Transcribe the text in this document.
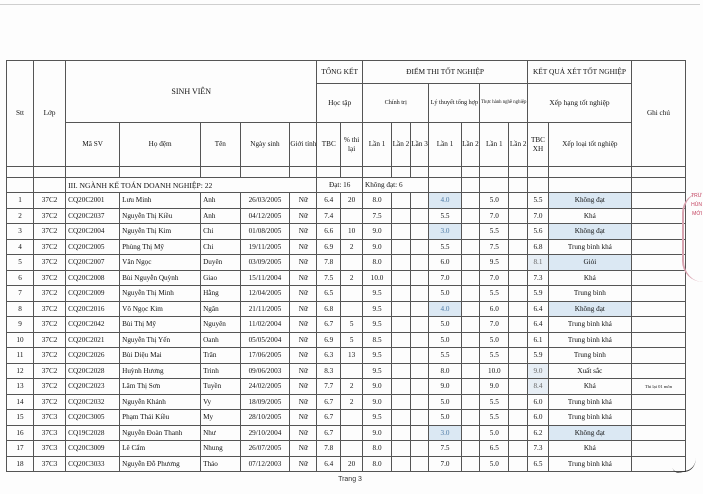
Stt	Lớp	SINH VIÊN					TỔNG KẾT		ĐIỂM THI TỐT NGHIỆP							KẾT QUẢ XÉT TỐT NGHIỆP		Ghi chú
							Học tập		Chính trị			Lý thuyết tổng hợp		Thực hành nghề nghiệp		Xếp hạng tốt nghiệp		
		Mã SV	Họ đệm	Tên	Ngày sinh	Giới tính	TBC	% thi lại	Lần 1	Lần 2	Lần 3	Lần 1	Lần 2	Lần 1	Lần 2	TBC XH	Xếp loại tốt nghiệp	

		III. NGÀNH KẾ TOÁN DOANH NGHIỆP: 22					Đạt: 16		Không đạt: 6									
1	37C2	CQ20C2001	Lưu Minh	Anh	26/03/2005	Nữ	6.4	20	8.0			4.0		5.0		5.5	Không đạt	
2	37C2	CQ20C2037	Nguyễn Thị Kiều	Anh	04/12/2005	Nữ	7.4		7.5			5.5		7.0		7.0	Khá	
3	37C2	CQ20C2004	Nguyễn Thị Kim	Chi	01/08/2005	Nữ	6.6	10	9.0			3.0		5.5		5.6	Không đạt	
4	37C2	CQ20C2005	Phùng Thị Mỹ	Chi	19/11/2005	Nữ	6.9	2	9.0			5.5		7.5		6.8	Trung bình khá	
5	37C2	CQ20C2007	Văn Ngọc	Duyên	03/09/2005	Nữ	7.8		8.0			6.0		9.5		8.1	Giỏi	
6	37C2	CQ20C2008	Bùi Nguyễn Quỳnh	Giao	15/11/2004	Nữ	7.5	2	10.0			7.0		7.0		7.3	Khá	
7	37C2	CQ20C2009	Nguyễn Thị Minh	Hằng	12/04/2005	Nữ	6.5		9.5			5.0		5.5		5.9	Trung bình	
8	37C2	CQ20C2016	Võ Ngọc Kim	Ngân	21/11/2005	Nữ	6.8		9.5			4.0		6.0		6.4	Không đạt	
9	37C2	CQ20C2042	Bùi Thị Mỹ	Nguyên	11/02/2004	Nữ	6.7	5	9.5			5.0		7.0		6.4	Trung bình khá	
10	37C2	CQ20C2021	Nguyễn Thị Yến	Oanh	05/05/2004	Nữ	6.9	5	8.5			5.0		5.0		6.1	Trung bình khá	
11	37C2	CQ20C2026	Bùi Diệu Mai	Trân	17/06/2005	Nữ	6.3	13	9.5			5.5		5.5		5.9	Trung bình	
12	37C2	CQ20C2028	Huỳnh Hương	Trinh	09/06/2003	Nữ	8.3		9.5			8.0		10.0		9.0	Xuất sắc	
13	37C2	CQ20C2023	Lâm Thị Sơn	Tuyền	24/02/2005	Nữ	7.7	2	9.0			9.0		9.0		8.4	Khá	Thi lại 01 môn
14	37C2	CQ20C2032	Nguyễn Khánh	Vy	18/09/2005	Nữ	6.7	2	9.0			5.0		5.5		6.0	Trung bình khá	
15	37C3	CQ20C3005	Phạm Thái Kiều	My	28/10/2005	Nữ	6.7		9.5			5.0		5.5		6.0	Trung bình khá	
16	37C3	CQ19C2028	Nguyễn Đoàn Thanh	Như	29/10/2004	Nữ	6.7		9.0			3.0		5.0		6.2	Không đạt	
17	37C3	CQ20C3009	Lê Cẩm	Nhung	26/07/2005	Nữ	7.8		8.0			7.5		6.5		7.3	Khá	
18	37C3	CQ20C3033	Nguyễn Đỗ Phương	Thảo	07/12/2003	Nữ	6.4	20	8.0			7.0		5.0		6.5	Trung bình khá	
TRƯ
HÙN
MỚI
Trang 3
